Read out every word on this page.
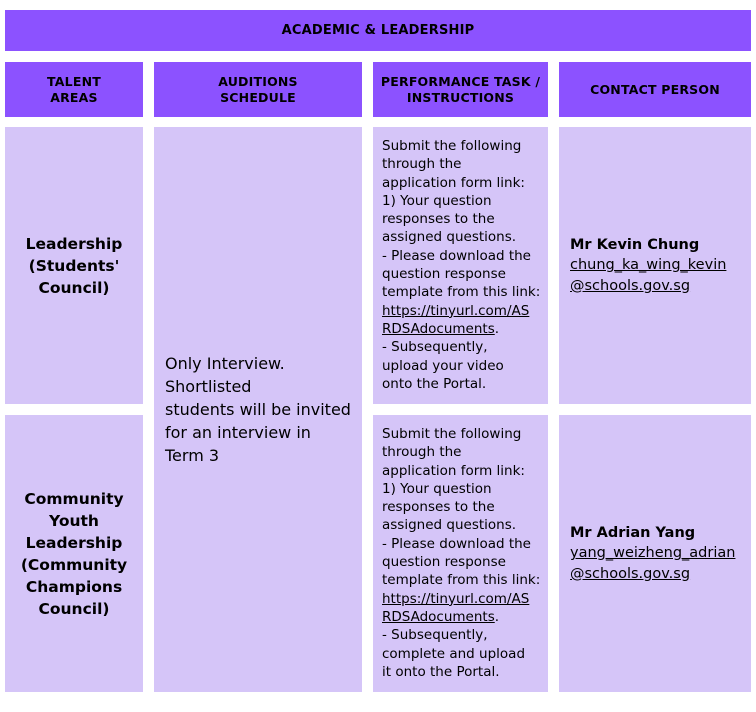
ACADEMIC & LEADERSHIP
TALENT
AREAS
AUDITIONS
SCHEDULE
PERFORMANCE TASK /
INSTRUCTIONS
CONTACT PERSON
Leadership
(Students'
Council)
Only Interview.
Shortlisted
students will be invited
for an interview in
Term 3
Submit the following
through the
application form link:
1) Your question
responses to the
assigned questions.
- Please download the
question response
template from this link:
https://tinyurl.com/AS
RDSAdocuments.
- Subsequently,
upload your video
onto the Portal.
Mr Kevin Chung
chung_ka_wing_kevin
@schools.gov.sg
Community
Youth
Leadership
(Community
Champions
Council)
Submit the following
through the
application form link:
1) Your question
responses to the
assigned questions.
- Please download the
question response
template from this link:
https://tinyurl.com/AS
RDSAdocuments.
- Subsequently,
complete and upload
it onto the Portal.
Mr Adrian Yang
yang_weizheng_adrian
@schools.gov.sg
